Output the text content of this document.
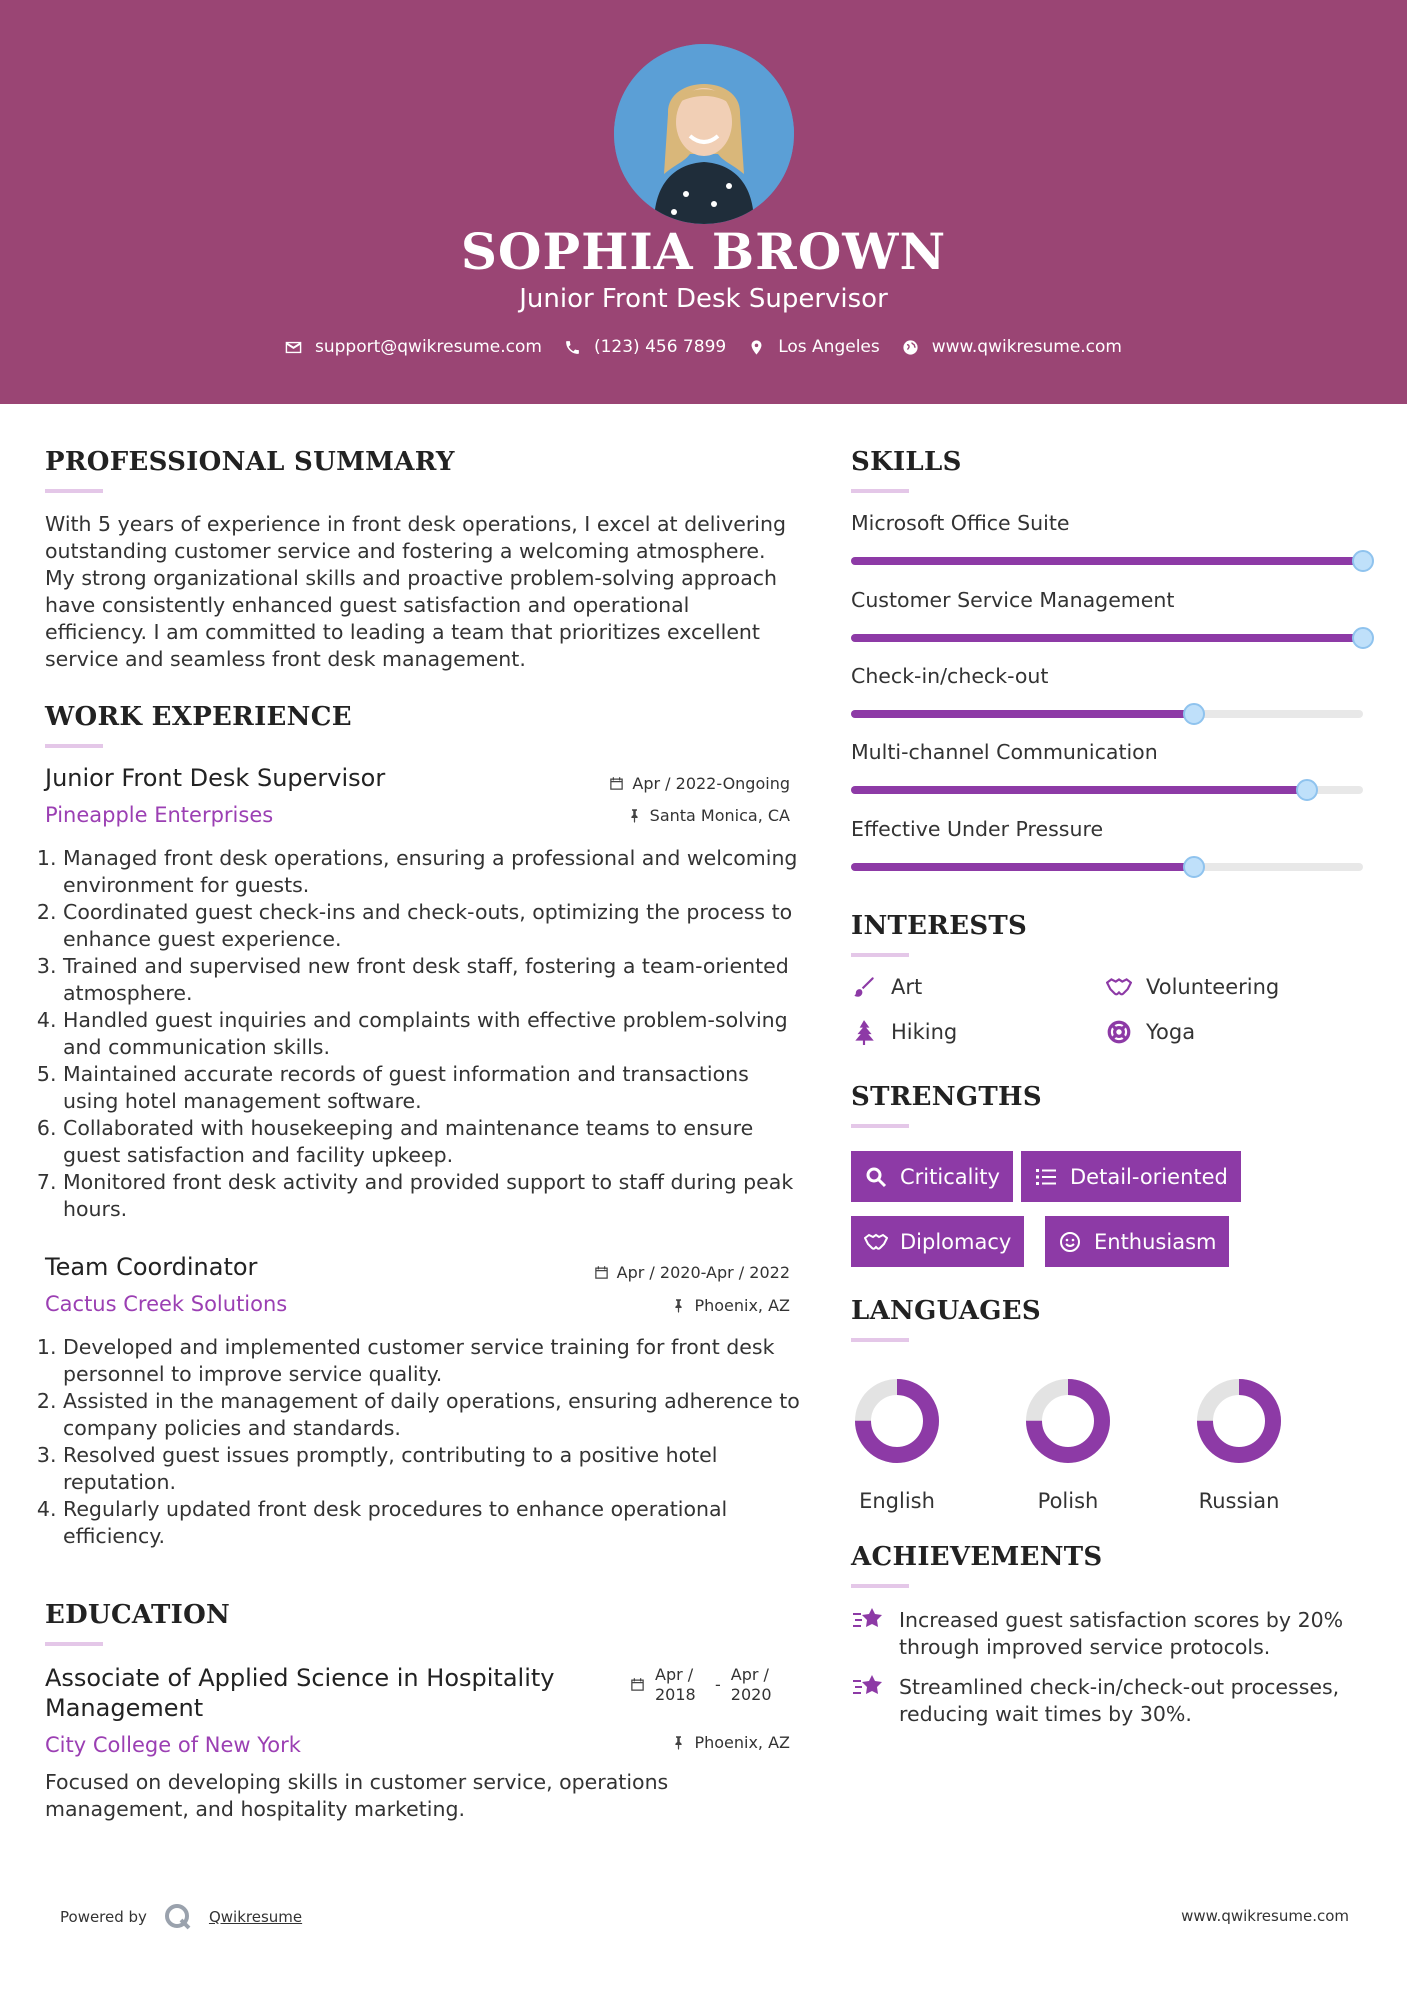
SOPHIA BROWN
Junior Front Desk Supervisor
support@qwikresume.com	(123) 456 7899	Los Angeles	www.qwikresume.com
PROFESSIONAL SUMMARY
With 5 years of experience in front desk operations, I excel at delivering outstanding customer service and fostering a welcoming atmosphere. My strong organizational skills and proactive problem-solving approach have consistently enhanced guest satisfaction and operational efficiency. I am committed to leading a team that prioritizes excellent service and seamless front desk management.
WORK EXPERIENCE
Junior Front Desk Supervisor	Apr / 2022-Ongoing
Pineapple Enterprises	Santa Monica, CA
1. Managed front desk operations, ensuring a professional and welcoming environment for guests.
2. Coordinated guest check-ins and check-outs, optimizing the process to enhance guest experience.
3. Trained and supervised new front desk staff, fostering a team-oriented atmosphere.
4. Handled guest inquiries and complaints with effective problem-solving and communication skills.
5. Maintained accurate records of guest information and transactions using hotel management software.
6. Collaborated with housekeeping and maintenance teams to ensure guest satisfaction and facility upkeep.
7. Monitored front desk activity and provided support to staff during peak hours.
Team Coordinator	Apr / 2020-Apr / 2022
Cactus Creek Solutions	Phoenix, AZ
1. Developed and implemented customer service training for front desk personnel to improve service quality.
2. Assisted in the management of daily operations, ensuring adherence to company policies and standards.
3. Resolved guest issues promptly, contributing to a positive hotel reputation.
4. Regularly updated front desk procedures to enhance operational efficiency.
EDUCATION
Associate of Applied Science in Hospitality Management
Apr / 2018
-
Apr / 2020
City College of New York	Phoenix, AZ
Focused on developing skills in customer service, operations management, and hospitality marketing.
SKILLS
Microsoft Office Suite
Customer Service Management
Check-in/check-out
Multi-channel Communication
Effective Under Pressure
INTERESTS
Art	Volunteering
Hiking	Yoga
STRENGTHS
Criticality	Detail-oriented
Diplomacy	Enthusiasm
LANGUAGES
English	Polish	Russian
ACHIEVEMENTS
Increased guest satisfaction scores by 20% through improved service protocols.
Streamlined check-in/check-out processes, reducing wait times by 30%.
Powered by	Qwikresume	www.qwikresume.com
